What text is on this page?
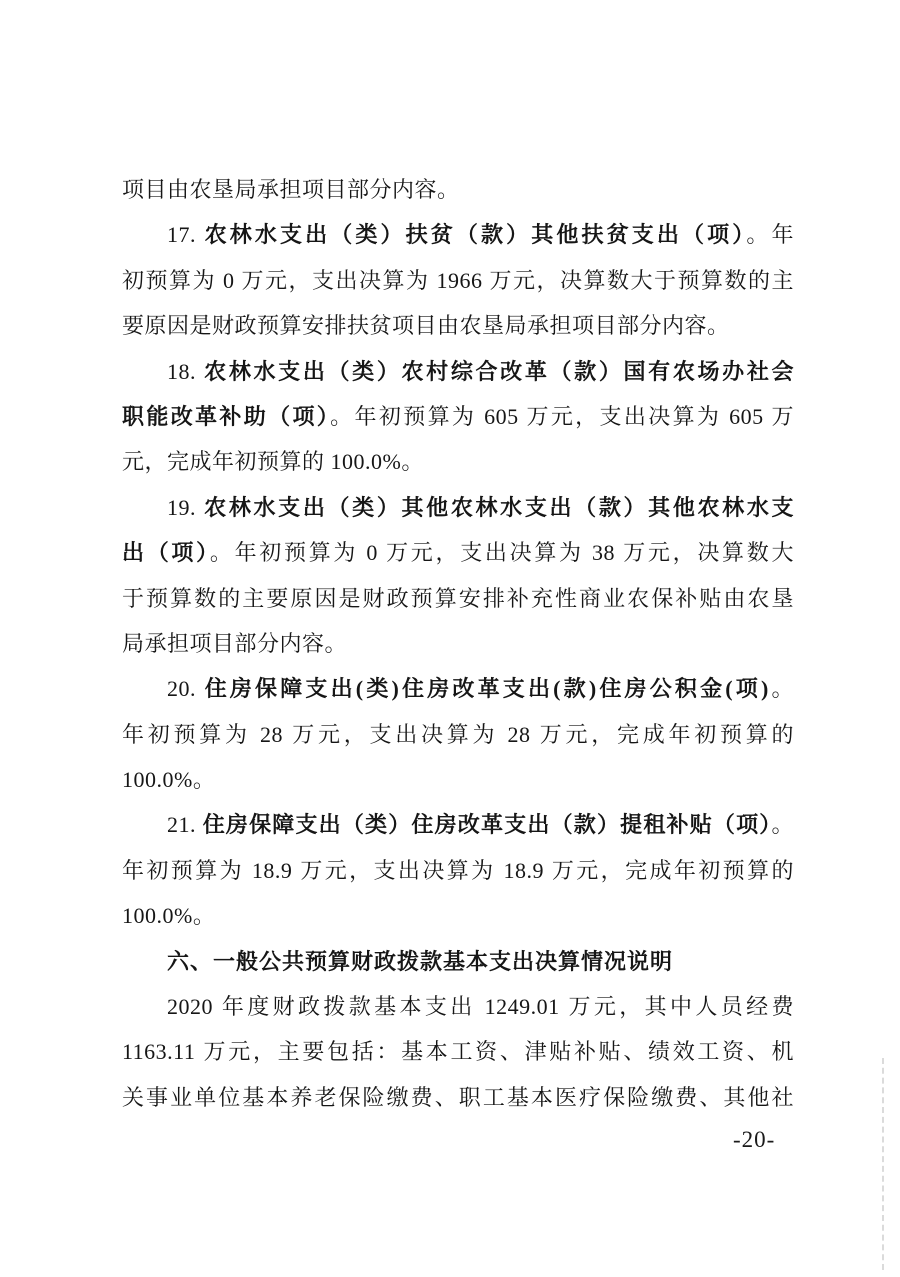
项目由农垦局承担项目部分内容。
17. 农林水支出（类）扶贫（款）其他扶贫支出（项）。年
初预算为 0 万元，支出决算为 1966 万元，决算数大于预算数的主
要原因是财政预算安排扶贫项目由农垦局承担项目部分内容。
18. 农林水支出（类）农村综合改革（款）国有农场办社会
职能改革补助（项）。年初预算为 605 万元，支出决算为 605 万
元，完成年初预算的 100.0%。
19. 农林水支出（类）其他农林水支出（款）其他农林水支
出（项）。年初预算为 0 万元，支出决算为 38 万元，决算数大
于预算数的主要原因是财政预算安排补充性商业农保补贴由农垦
局承担项目部分内容。
20. 住房保障支出(类)住房改革支出(款)住房公积金(项)。
年初预算为 28 万元，支出决算为 28 万元，完成年初预算的
100.0%。
21. 住房保障支出（类）住房改革支出（款）提租补贴（项）。
年初预算为 18.9 万元，支出决算为 18.9 万元，完成年初预算的
100.0%。
六、一般公共预算财政拨款基本支出决算情况说明
2020 年度财政拨款基本支出 1249.01 万元，其中人员经费
1163.11 万元，主要包括：基本工资、津贴补贴、绩效工资、机
关事业单位基本养老保险缴费、职工基本医疗保险缴费、其他社
-20-
